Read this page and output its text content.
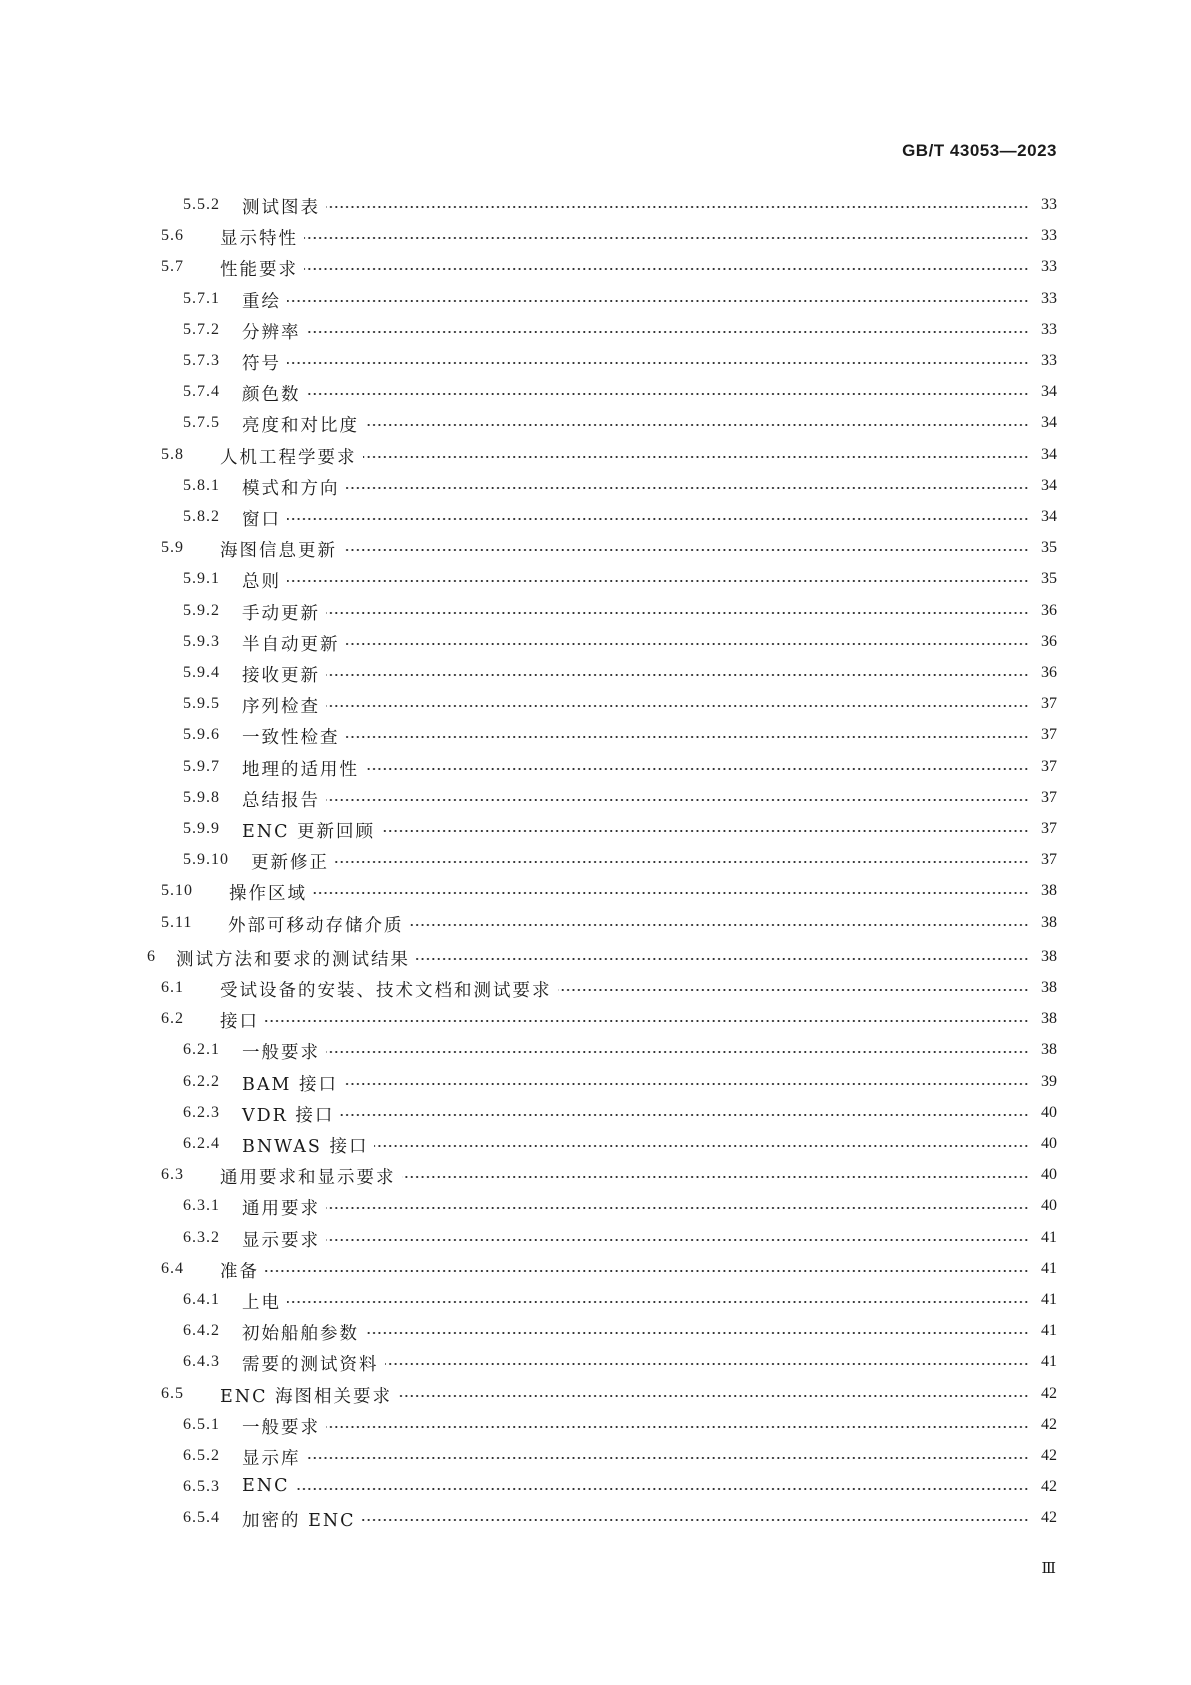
GB/T 43053—2023
5.5.2 测试图表	33
5.6 显示特性	33
5.7 性能要求	33
5.7.1 重绘	33
5.7.2 分辨率	33
5.7.3 符号	33
5.7.4 颜色数	34
5.7.5 亮度和对比度	34
5.8 人机工程学要求	34
5.8.1 模式和方向	34
5.8.2 窗口	34
5.9 海图信息更新	35
5.9.1 总则	35
5.9.2 手动更新	36
5.9.3 半自动更新	36
5.9.4 接收更新	36
5.9.5 序列检查	37
5.9.6 一致性检查	37
5.9.7 地理的适用性	37
5.9.8 总结报告	37
5.9.9 ENC 更新回顾	37
5.9.10 更新修正	37
5.10 操作区域	38
5.11 外部可移动存储介质	38
6 测试方法和要求的测试结果	38
6.1 受试设备的安装、技术文档和测试要求	38
6.2 接口	38
6.2.1 一般要求	38
6.2.2 BAM 接口	39
6.2.3 VDR 接口	40
6.2.4 BNWAS 接口	40
6.3 通用要求和显示要求	40
6.3.1 通用要求	40
6.3.2 显示要求	41
6.4 准备	41
6.4.1 上电	41
6.4.2 初始船舶参数	41
6.4.3 需要的测试资料	41
6.5 ENC 海图相关要求	42
6.5.1 一般要求	42
6.5.2 显示库	42
6.5.3 ENC	42
6.5.4 加密的 ENC	42
Ⅲ
